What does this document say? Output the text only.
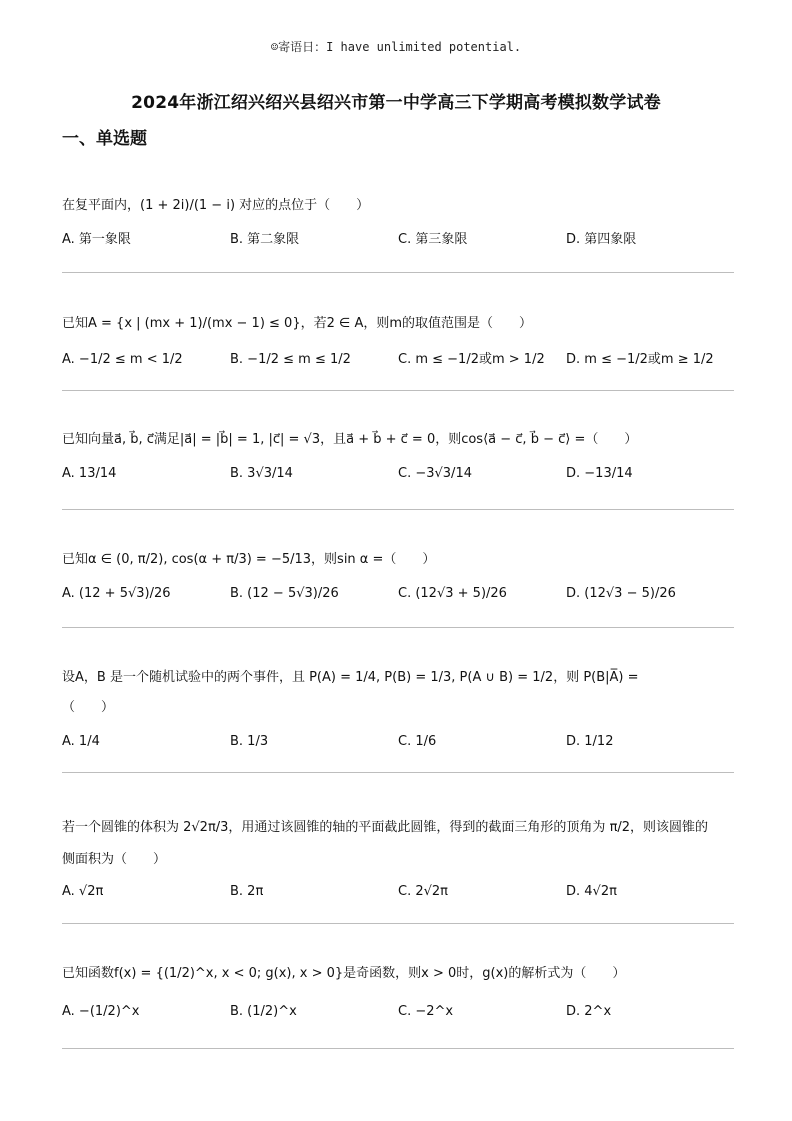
☺寄语日：I have unlimited potential.
2024年浙江绍兴绍兴县绍兴市第一中学高三下学期高考模拟数学试卷
一、单选题
在复平面内，(1 + 2i)/(1 − i) 对应的点位于（　　）
A. 第一象限	B. 第二象限	C. 第三象限	D. 第四象限
已知A = {x | (mx + 1)/(mx − 1) ≤ 0}，若2 ∈ A，则m的取值范围是（　　）
A. −1/2 ≤ m < 1/2	B. −1/2 ≤ m ≤ 1/2	C. m ≤ −1/2或m > 1/2 D. m ≤ −1/2或m ≥ 1/2
已知向量a⃗, b⃗, c⃗满足|a⃗| = |b⃗| = 1, |c⃗| = √3，且a⃗ + b⃗ + c⃗ = 0，则cos⟨a⃗ − c⃗, b⃗ − c⃗⟩ =（　　）
A. 13/14	B. 3√3/14	C. −3√3/14	D. −13/14
已知α ∈ (0, π/2), cos(α + π/3) = −5/13，则sin α =（　　）
A. (12 + 5√3)/26	B. (12 − 5√3)/26	C. (12√3 + 5)/26	D. (12√3 − 5)/26
设A，B 是一个随机试验中的两个事件，且 P(A) = 1/4, P(B) = 1/3, P(A ∪ B) = 1/2，则 P(B|A̅) =
（　　）
A. 1/4	B. 1/3	C. 1/6	D. 1/12
若一个圆锥的体积为 2√2π/3，用通过该圆锥的轴的平面截此圆锥，得到的截面三角形的顶角为 π/2，则该圆锥的
侧面积为（　　）
A. √2π	B. 2π	C. 2√2π	D. 4√2π
已知函数f(x) = {(1/2)^x, x < 0; g(x), x > 0}是奇函数，则x > 0时，g(x)的解析式为（　　）
A. −(1/2)^x	B. (1/2)^x	C. −2^x	D. 2^x
